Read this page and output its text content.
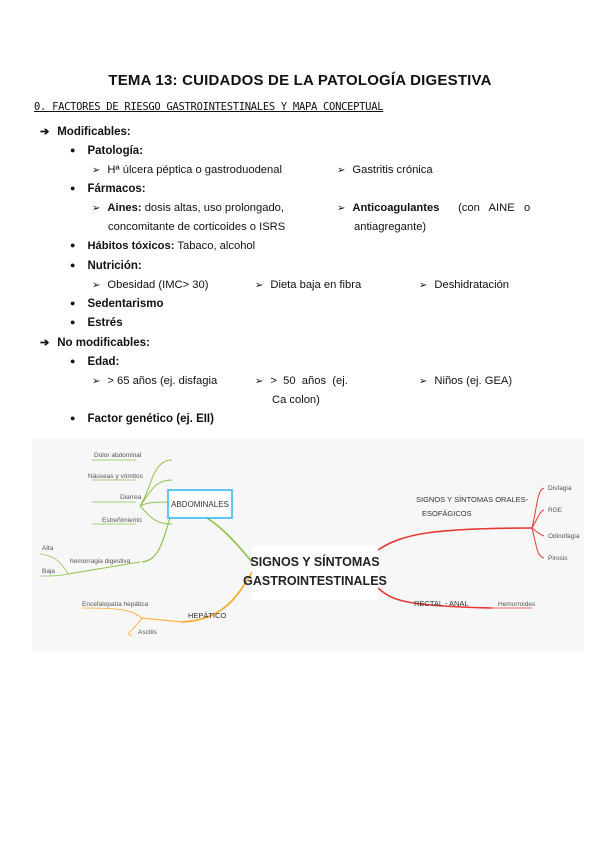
TEMA 13: CUIDADOS DE LA PATOLOGÍA DIGESTIVA
0. FACTORES DE RIESGO GASTROINTESTINALES Y MAPA CONCEPTUAL
➔ Modificables:
● Patología:
➢ Hª úlcera péptica o gastroduodenal	➢ Gastritis crónica
● Fármacos:
➢ Aines: dosis altas, uso prolongado,
concomitante de corticoides o ISRS
➢ Anticoagulantes (con   AINE   o
antiagregante)
● Hábitos tóxicos: Tabaco, alcohol
● Nutrición:
➢ Obesidad (IMC> 30)	➢ Dieta baja en fibra	➢ Deshidratación
● Sedentarismo
● Estrés
➔ No modificables:
● Edad:
➢ > 65 años (ej. disfagia	➢ >  50  años  (ej.
Ca colon)
➢ Niños (ej. GEA)
● Factor genético (ej. EII)
ABDOMINALES
SIGNOS Y SÍNTOMAS
GASTROINTESTINALES
Dolor abdominal
Náuseas y vómitos
Diarrea
Estreñimiento
hemorragia digestiva
Alta
Baja
HEPÁTICO
Encefalopatía hepática
Ascitis
SIGNOS Y SÍNTOMAS ORALES-
ESOFÁGICOS
Disfagia
RGE
Odinofagia
Pirosis
RECTAL - ANAL	Hemorroides
